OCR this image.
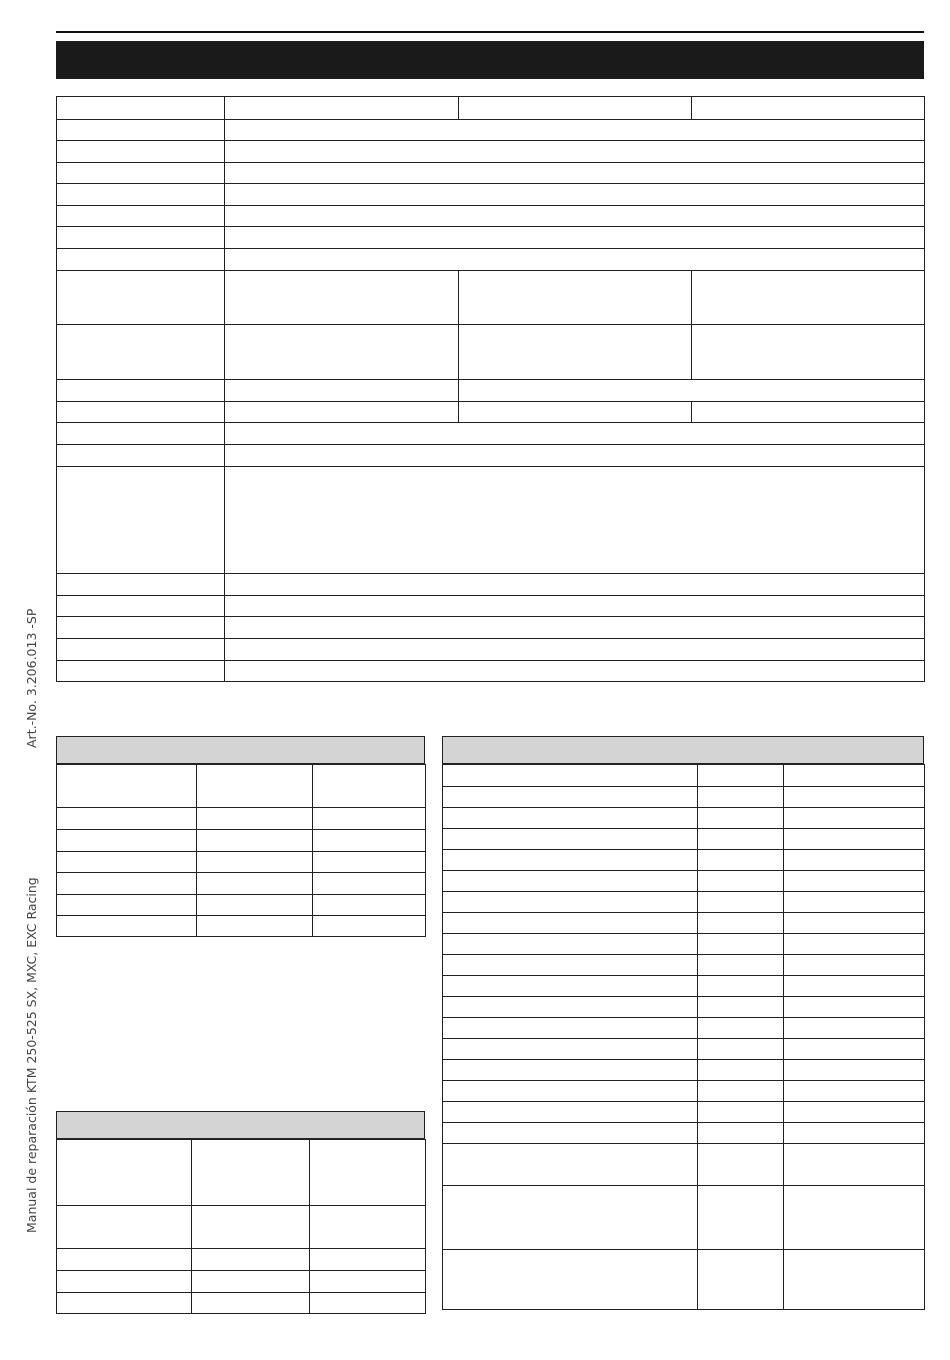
Art.-No. 3.206.013 -SP
Manual de reparación KTM 250-525 SX, MXC, EXC Racing
